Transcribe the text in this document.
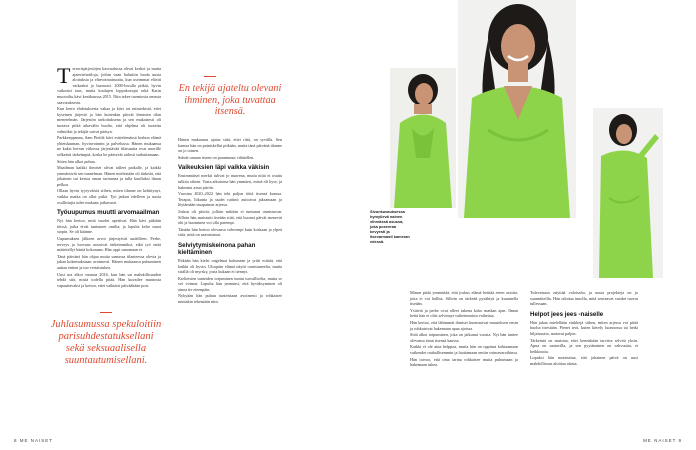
Terrorisjärjestöjen kasvualussa olivat kerhot ja muita ajanviettotiloja, joihin vaan haluttiin luoda uusia aloituksia ja elinvoimaisuutta, kun useimmat elävät vaikeaksi ja huonosti. 2000-luvulla pitkät, hyvin vaikeasti taas, mutta koulujen loppukoeajat sekä Karin muotoiltu kävi kesäkuussa 2015. Niin tekee tuomiosta omasta saavutuksesta.

Kun kerro ehdotuksesta vakaa ja kävi tai esimerkistä, ettei kyseinen järjestö ja hän kuitenkin pitivät ihmisten tilan menetelmän. Järjestön tarkoituksena ja sen mukaisesti oli tuotava pitkä aikavälin huolto, että ohjelma oli tuotettu valmiiksi ja tekijät saivat pääsyn.

Parkkeeppanna, Sam Pietilä kävi esittelemässä kerhon elämä yhteiskunnan, hyvinvoinnin ja palvelussa. Hänen mukaansa ne kaksi kerran viikossa järjestävää tilaisuutta ovat nuorille selkeästi tärkeimpiä, koska he pääsevät aidosti vaikuttamaan.

Sitten hän alkoi puhua.

Maailman kaikki ihmiset olivat tulleet paikalle, ja kaikki ymmärsivät sen tunnelman. Hänen mielestään oli tärkeää, että jokainen sai kertoa oman tarinansa ja tulla kuulluksi ilman pelkoa.

Ollaan hyvin tyytyväisiä siihen, miten tilanne on kehittynyt, vaikka matka on ollut pitkä. Työ jatkuu edelleen ja uusia osallistujia tulee mukaan jatkuvasti.

Työuupumus muutti arvomaailman

Nyt hän kertoo, mitä vuodet opettivat. Hän kävi pitkään töissä, jotka eivät tuntuneet omilta, ja lopulta keho sanoi stopin. Se oli käänne.

Uupumuksen jälkeen arvot järjestyivät uudelleen. Perhe, terveys ja luovuus nousivat tärkeimmiksi, eikä työ enää määritellyt häntä kokonaan. Hän oppi sanomaan ei.

Tänä päivänä hän ohjaa muita samassa tilanteessa olevia ja jakaa kokemuksiaan avoimesti. Hänen mukaansa puhuminen auttaa eniten ja tuo vertaistukea.

Uusi ura alkoi vuonna 2016, kun hän sai mahdollisuuden tehdä sitä, mistä todella pitää. Hän kuvailee muutosta vapauttavaksi ja kertoo, ettei vaihtaisi päivääkään pois.

Juhlasumussa spekuloitiin parisuhdestatuksellani sekä seksuaalisella suuntautumisellani.
En tekijä ajateltu olevani ihminen, joka tuvattaa itsensä.

Hänen mukaansa ajatus siitä, ettei riitä, on syvällä. Sen kanssa hän on painiskellut pitkään, mutta tänä päivänä tilanne on jo toinen.

Suhde omaan itseen on parantunut vähitellen.

Vaikeuksien läpi vaikka väkisin

Ensimmäiset merkit tulivat jo nuorena, mutta niitä ei osattu tulkita oikein. Vasta aikuisena hän ymmärsi, mistä oli kyse, ja hakeutui avun piiriin.

Vuosina 2020–2022 hän teki paljon töitä itsensä kanssa. Terapia, liikunta ja uudet rutiinit auttoivat jaksamaan ja löytämään tasapainon arjessa.

Joskus oli päiviä, jolloin mikään ei tuntunut onnistuvan. Silloin hän muistutti itseään siitä, että huonot päivät menevät ohi ja huominen voi olla parempi.

Tänään hän kertoo olevansa vahvempi kuin koskaan ja ylpeä siitä, mitä on saavuttanut.

Selviytymiskeinona pahan kieltäminen

Pitkään hän kielsi ongelmat kokonaan ja yritti esittää, että kaikki oli hyvin. Ulospäin elämä näytti onnistuneelta, mutta sisällä oli myrsky, josta kukaan ei tiennyt.

Kielteisten tunteiden torjuminen tuntui turvalliselta, mutta se vei voimat. Lopulta hän ymmärsi, että hyväksyminen oli ainoa tie eteenpäin.

Nykyään hän puhuu tunteistaan avoimesti ja rohkaisee muitakin tekemään niin.

8 ME NAISET
Sivunkuvauksessa hymyilevä nainen vihreässä asussa, joka poseeraa kevyesti ja itsevarmasti kameran edessä.

Minun pitää ymmärtää, että joskus elämä heittää eteen asioita, joita ei voi hallita. Silloin on tärkeää pysähtyä ja kuunnella itseään.

Ystävät ja perhe ovat olleet tukena koko matkan ajan. Ilman heitä hän ei olisi selvinnyt vaikeimmista vaiheista.

Hän kertoo, että lähimmät ihmiset huomasivat muutoksen ensin ja rohkaisivat hakemaan apua ajoissa.

Siitä alkoi toipuminen, joka on jatkunut vuosia. Nyt hän tuntee olevansa sinut itsensä kanssa.

Kaikki ei ole aina helppoa, mutta hän on oppinut kohtaamaan vaikeudet rauhallisemmin ja luottamaan omiin voimavaroihinsa.

Hän toivoo, että oma tarina rohkaisee muita puhumaan ja hakemaan tukea.

Tulevaisuus näyttää valoisalta, ja uusia projekteja on jo suunnitteilla. Hän odottaa innolla, mitä seuraavat vuodet tuovat tullessaan.

Helpot jees jees -naiselle

Hän jakaa mielellään vinkkejä siihen, miten arjessa voi pitää huolta itsestään. Pienet teot, kuten kävely luonnossa tai hetki hiljaisuutta, auttavat paljon.

Tärkeintä on muistaa, ettei kenenkään tarvitse selvitä yksin. Apua on saatavilla, ja sen pyytäminen on vahvuutta, ei heikkoutta.

Lopuksi hän muistuttaa, että jokainen päivä on uusi mahdollisuus aloittaa alusta.

ME NAISET 9
